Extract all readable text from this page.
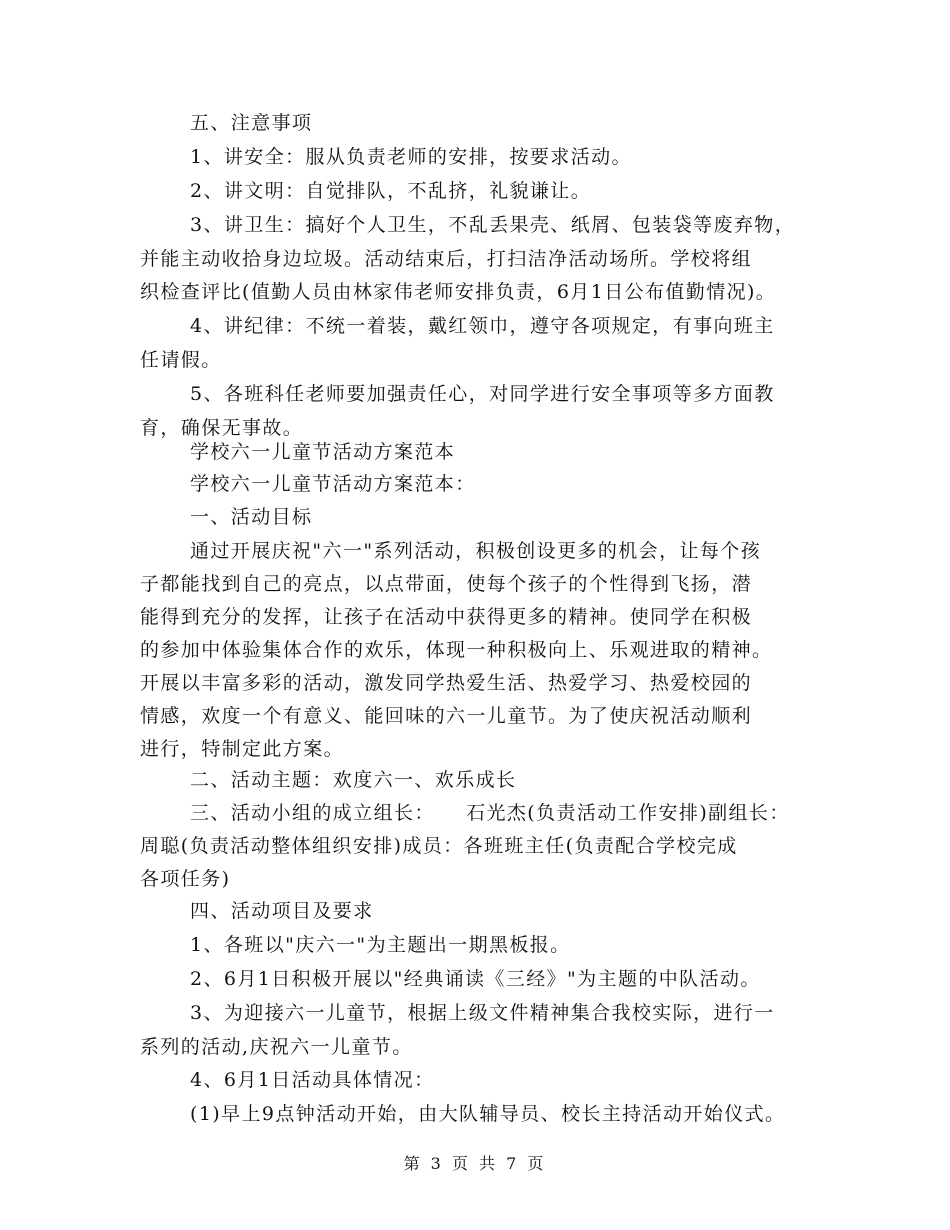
五、注意事项
1、讲安全：服从负责老师的安排，按要求活动。
2、讲文明：自觉排队，不乱挤，礼貌谦让。
3、讲卫生：搞好个人卫生，不乱丢果壳、纸屑、包装袋等废弃物，
并能主动收拾身边垃圾。活动结束后，打扫洁净活动场所。学校将组
织检查评比(值勤人员由林家伟老师安排负责，6月1日公布值勤情况)。
4、讲纪律：不统一着装，戴红领巾，遵守各项规定，有事向班主
任请假。
5、各班科任老师要加强责任心，对同学进行安全事项等多方面教
育，确保无事故。
学校六一儿童节活动方案范本
学校六一儿童节活动方案范本：
一、活动目标
通过开展庆祝"六一"系列活动，积极创设更多的机会，让每个孩
子都能找到自己的亮点，以点带面，使每个孩子的个性得到飞扬，潜
能得到充分的发挥，让孩子在活动中获得更多的精神。使同学在积极
的参加中体验集体合作的欢乐，体现一种积极向上、乐观进取的精神。
开展以丰富多彩的活动，激发同学热爱生活、热爱学习、热爱校园的
情感，欢度一个有意义、能回味的六一儿童节。为了使庆祝活动顺利
进行，特制定此方案。
二、活动主题：欢度六一、欢乐成长
三、活动小组的成立组长：　　石光杰(负责活动工作安排)副组长：
周聪(负责活动整体组织安排)成员：各班班主任(负责配合学校完成
各项任务)
四、活动项目及要求
1、各班以"庆六一"为主题出一期黑板报。
2、6月1日积极开展以"经典诵读《三经》"为主题的中队活动。
3、为迎接六一儿童节，根据上级文件精神集合我校实际，进行一
系列的活动,庆祝六一儿童节。
4、6月1日活动具体情况：
(1)早上9点钟活动开始，由大队辅导员、校长主持活动开始仪式。
第 3 页 共 7 页
